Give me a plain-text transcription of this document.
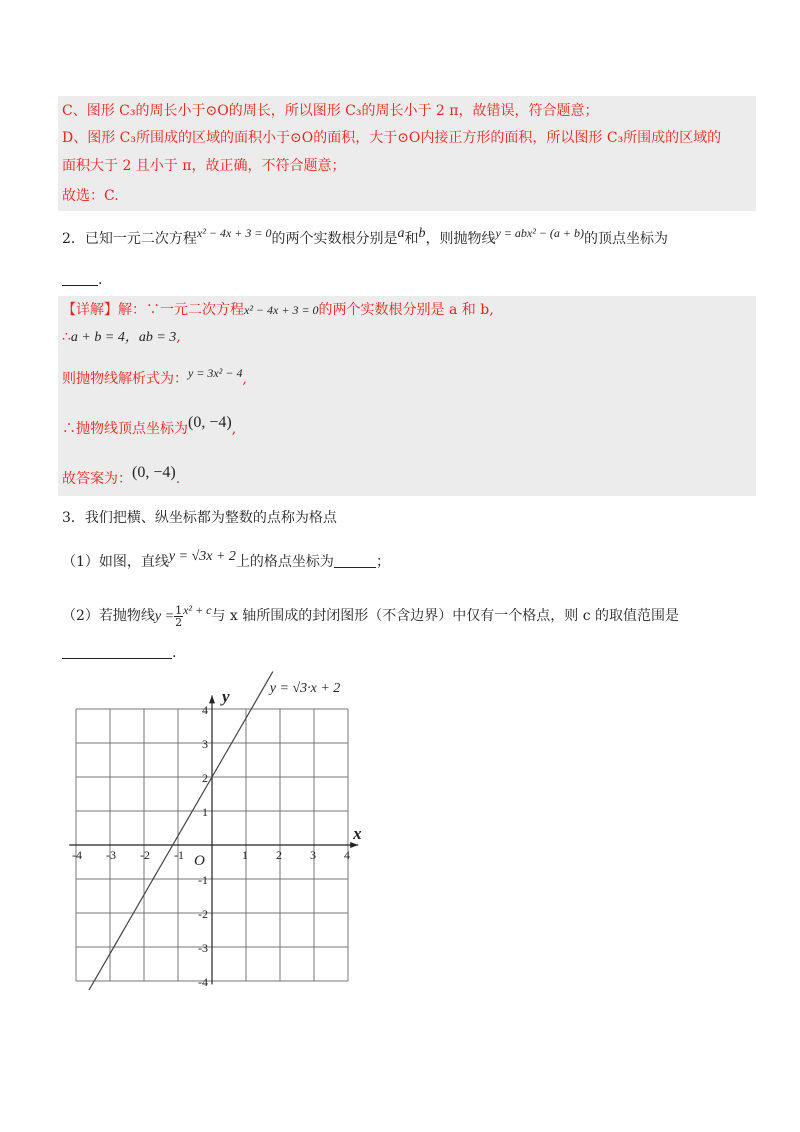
C、图形 C₃的周长小于⊙O的周长，所以图形 C₃的周长小于 2 π，故错误，符合题意；
D、图形 C₃所围成的区域的面积小于⊙O的面积，大于⊙O内接正方形的面积，所以图形 C₃所围成的区域的
面积大于 2 且小于 π，故正确，不符合题意；
故选：C.
2．已知一元二次方程x² − 4x + 3 = 0的两个实数根分别是a和b，则抛物线y = abx² − (a + b)的顶点坐标为
.
【详解】解：∵一元二次方程x² − 4x + 3 = 0的两个实数根分别是 a 和 b,
∴a + b = 4，ab = 3,
则抛物线解析式为：y = 3x² − 4,
∴抛物线顶点坐标为(0, −4),
故答案为：(0, −4).
3．我们把横、纵坐标都为整数的点称为格点
（1）如图，直线y = √3x + 2上的格点坐标为	；
（2）若抛物线$y = \frac{1}{2} x^2 + c$与 x 轴所围成的封闭图形（不含边界）中仅有一个格点，则 c 的取值范围是
.
-4 -3 -2 -1	1 2 3 4
4
3
2
1
-1
-2
-3
-4
x
y
O
y = √3·x + 2
